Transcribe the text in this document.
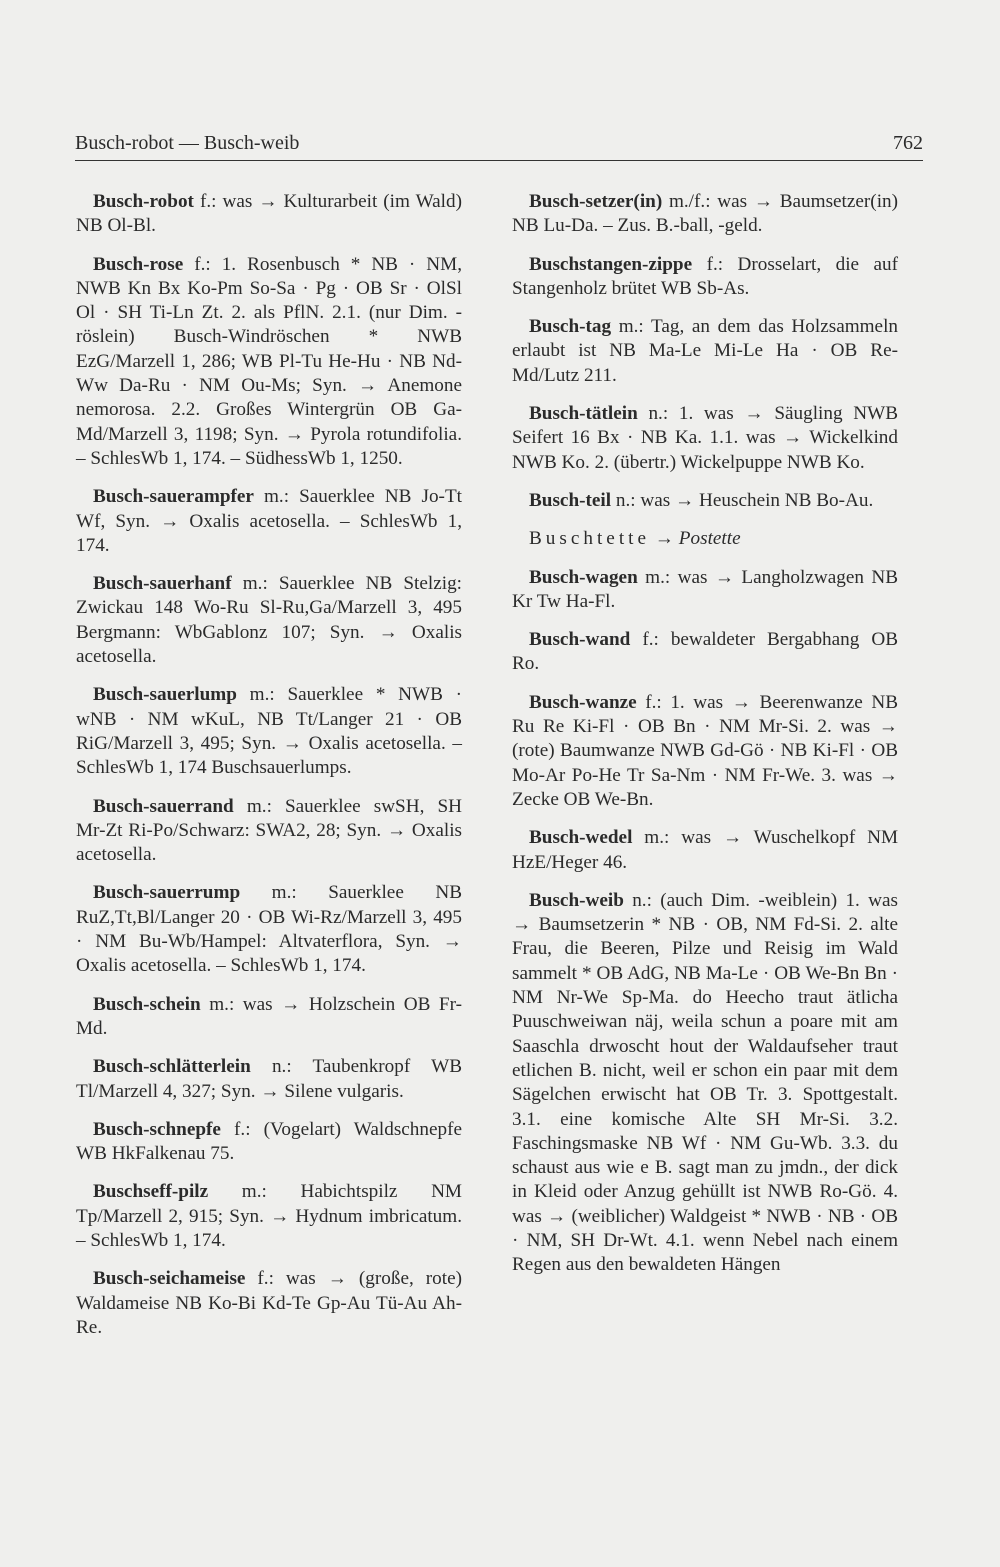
Busch-robot — Busch-weib	762

Busch-robot f.: was → Kulturarbeit (im Wald) NB Ol-Bl.

Busch-rose f.: 1. Rosenbusch * NB · NM, NWB Kn Bx Ko-Pm So-Sa · Pg · OB Sr · OlSl Ol · SH Ti-Ln Zt. 2. als PflN. 2.1. (nur Dim. -röslein) Busch-Windröschen * NWB EzG/Marzell 1, 286; WB Pl-Tu He-Hu · NB Nd-Ww Da-Ru · NM Ou-Ms; Syn. → Anemone nemorosa. 2.2. Großes Wintergrün OB Ga-Md/Marzell 3, 1198; Syn. → Pyrola rotundifolia. – SchlesWb 1, 174. – SüdhessWb 1, 1250.

Busch-sauerampfer m.: Sauerklee NB Jo-Tt Wf, Syn. → Oxalis acetosella. – SchlesWb 1, 174.

Busch-sauerhanf m.: Sauerklee NB Stelzig: Zwickau 148 Wo-Ru Sl-Ru,Ga/Marzell 3, 495 Bergmann: WbGablonz 107; Syn. → Oxalis acetosella.

Busch-sauerlump m.: Sauerklee * NWB · wNB · NM wKuL, NB Tt/Langer 21 · OB RiG/Marzell 3, 495; Syn. → Oxalis acetosella. – SchlesWb 1, 174 Buschsauerlumps.

Busch-sauerrand m.: Sauerklee swSH, SH Mr-Zt Ri-Po/Schwarz: SWA2, 28; Syn. → Oxalis acetosella.

Busch-sauerrump m.: Sauerklee NB RuZ,Tt,Bl/Langer 20 · OB Wi-Rz/Marzell 3, 495 · NM Bu-Wb/Hampel: Altvaterflora, Syn. → Oxalis acetosella. – SchlesWb 1, 174.

Busch-schein m.: was → Holzschein OB Fr-Md.

Busch-schlätterlein n.: Taubenkropf WB Tl/Marzell 4, 327; Syn. → Silene vulgaris.

Busch-schnepfe f.: (Vogelart) Waldschnepfe WB HkFalkenau 75.

Buschseff-pilz m.: Habichtspilz NM Tp/Marzell 2, 915; Syn. → Hydnum imbricatum. – SchlesWb 1, 174.

Busch-seichameise f.: was → (große, rote) Waldameise NB Ko-Bi Kd-Te Gp-Au Tü-Au Ah-Re.

Busch-setzer(in) m./f.: was → Baumsetzer(in) NB Lu-Da. – Zus. B.-ball, -geld.

Buschstangen-zippe f.: Drosselart, die auf Stangenholz brütet WB Sb-As.

Busch-tag m.: Tag, an dem das Holzsammeln erlaubt ist NB Ma-Le Mi-Le Ha · OB Re-Md/Lutz 211.

Busch-tätlein n.: 1. was → Säugling NWB Seifert 16 Bx · NB Ka. 1.1. was → Wickelkind NWB Ko. 2. (übertr.) Wickelpuppe NWB Ko.

Busch-teil n.: was → Heuschein NB Bo-Au.

Buschtette → Postette

Busch-wagen m.: was → Langholzwagen NB Kr Tw Ha-Fl.

Busch-wand f.: bewaldeter Bergabhang OB Ro.

Busch-wanze f.: 1. was → Beerenwanze NB Ru Re Ki-Fl · OB Bn · NM Mr-Si. 2. was → (rote) Baumwanze NWB Gd-Gö · NB Ki-Fl · OB Mo-Ar Po-He Tr Sa-Nm · NM Fr-We. 3. was → Zecke OB We-Bn.

Busch-wedel m.: was → Wuschelkopf NM HzE/Heger 46.

Busch-weib n.: (auch Dim. -weiblein) 1. was → Baumsetzerin * NB · OB, NM Fd-Si. 2. alte Frau, die Beeren, Pilze und Reisig im Wald sammelt * OB AdG, NB Ma-Le · OB We-Bn Bn · NM Nr-We Sp-Ma. do Heecho traut ätlicha Puuschweiwan näj, weila schun a poare mit am Saaschla drwoscht hout der Waldaufseher traut etlichen B. nicht, weil er schon ein paar mit dem Sägelchen erwischt hat OB Tr. 3. Spottgestalt. 3.1. eine komische Alte SH Mr-Si. 3.2. Faschingsmaske NB Wf · NM Gu-Wb. 3.3. du schaust aus wie e B. sagt man zu jmdn., der dick in Kleid oder Anzug gehüllt ist NWB Ro-Gö. 4. was → (weiblicher) Waldgeist * NWB · NB · OB · NM, SH Dr-Wt. 4.1. wenn Nebel nach einem Regen aus den bewaldeten Hängen
